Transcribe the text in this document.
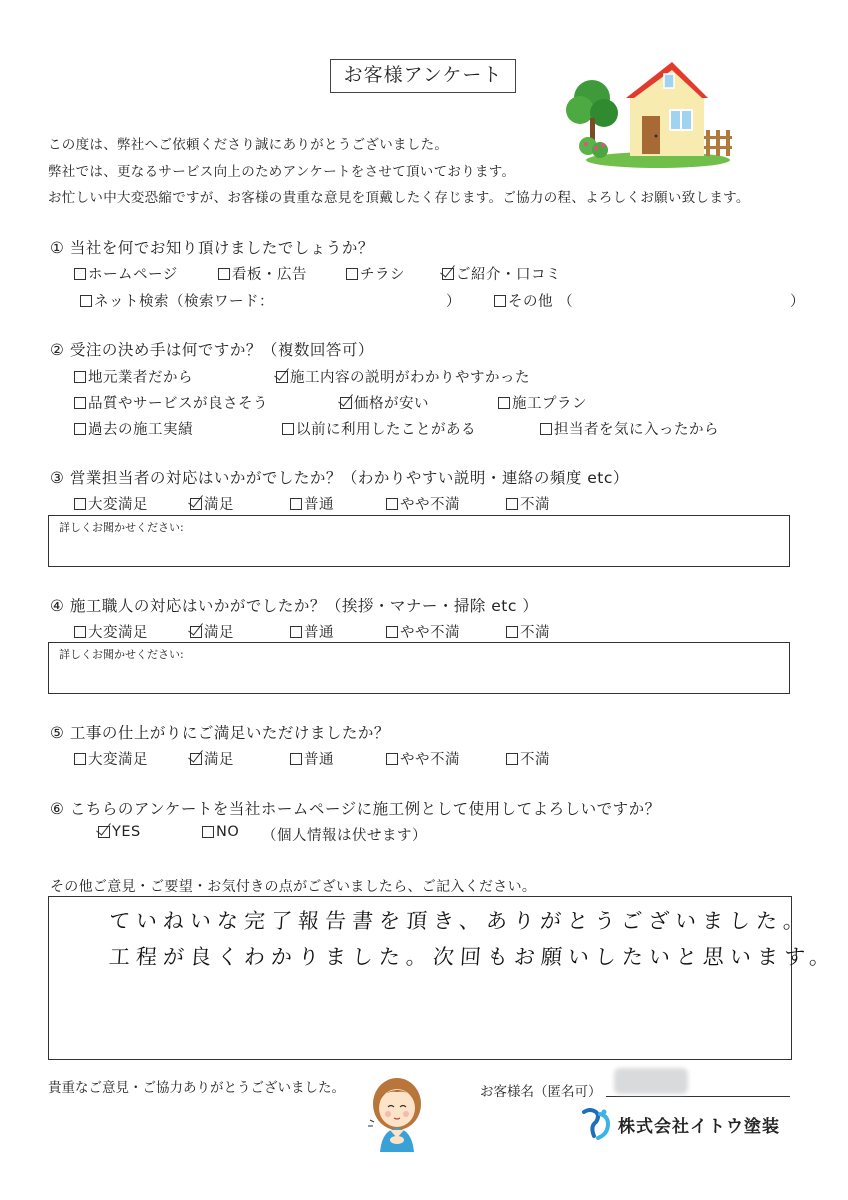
お客様アンケート
この度は、弊社へご依頼くださり誠にありがとうございました。
弊社では、更なるサービス向上のためアンケートをさせて頂いております。
お忙しい中大変恐縮ですが、お客様の貴重な意見を頂戴したく存じます。ご協力の程、よろしくお願い致します。
① 当社を何でお知り頂けましたでしょうか？
ホームページ	看板・広告	チラシ	ご紹介・口コミ
ネット検索（検索ワード：	）	その他 （	）
② 受注の決め手は何ですか？（複数回答可）
地元業者だから	施工内容の説明がわかりやすかった
品質やサービスが良さそう	価格が安い	施工プラン
過去の施工実績	以前に利用したことがある	担当者を気に入ったから
③ 営業担当者の対応はいかがでしたか？（わかりやすい説明・連絡の頻度 etc）
大変満足	満足	普通	やや不満	不満
詳しくお聞かせください:
④ 施工職人の対応はいかがでしたか？（挨拶・マナー・掃除 etc ）
大変満足	満足	普通	やや不満	不満
詳しくお聞かせください:
⑤ 工事の仕上がりにご満足いただけましたか？
大変満足	満足	普通	やや不満	不満
⑥ こちらのアンケートを当社ホームページに施工例として使用してよろしいですか？
YES	NO （個人情報は伏せます）
その他ご意見・ご要望・お気付きの点がございましたら、ご記入ください。
ていねいな完了報告書を頂き、ありがとうございました。
工程が良くわかりました。次回もお願いしたいと思います。
貴重なご意見・ご協力ありがとうございました。	お客様名（匿名可）
株式会社イトウ塗装
